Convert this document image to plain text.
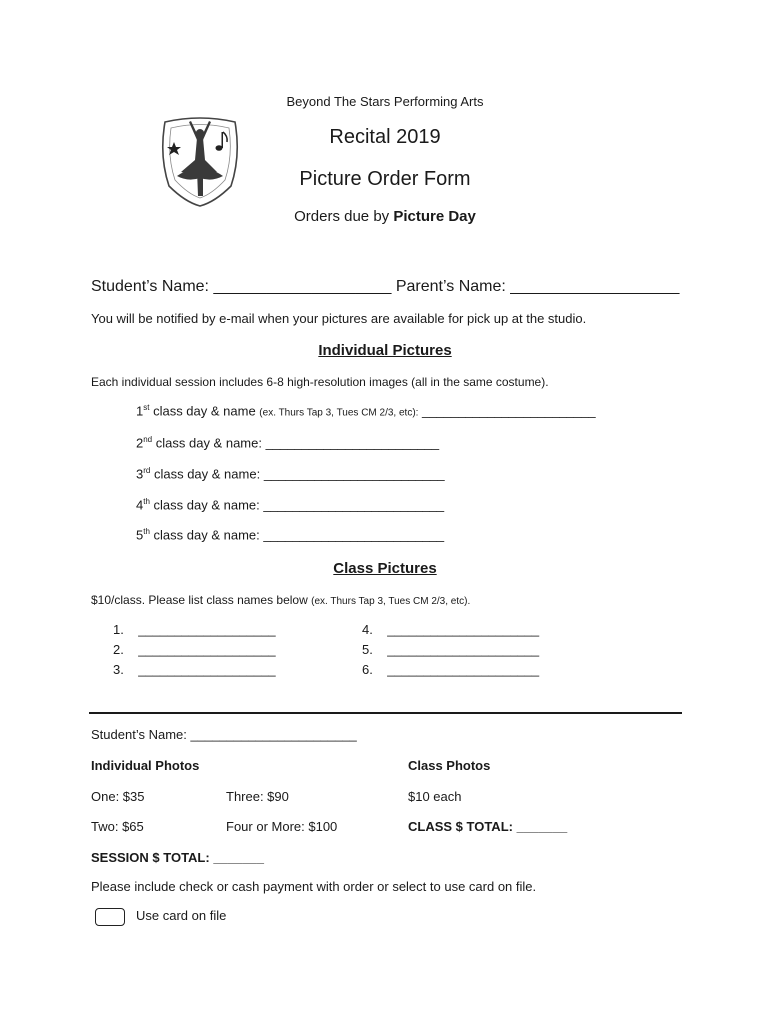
Beyond The Stars Performing Arts
Recital 2019
Picture Order Form
Orders due by Picture Day
Student’s Name: ____________________ Parent’s Name: ___________________
You will be notified by e-mail when your pictures are available for pick up at the studio.
Individual Pictures
Each individual session includes 6-8 high-resolution images (all in the same costume).
1st class day & name (ex. Thurs Tap 3, Tues CM 2/3, etc): ________________________
2nd class day & name: ________________________
3rd class day & name: _________________________
4th class day & name: _________________________
5th class day & name: _________________________
Class Pictures
$10/class. Please list class names below (ex. Thurs Tap 3, Tues CM 2/3, etc).
1. ___________________
2. ___________________
3. ___________________
4. _____________________
5. _____________________
6. _____________________
Student’s Name: _______________________
Individual Photos	Class Photos
One: $35	Three: $90	$10 each
Two: $65	Four or More: $100	CLASS $ TOTAL: _______
SESSION $ TOTAL: _______
Please include check or cash payment with order or select to use card on file.
Use card on file
